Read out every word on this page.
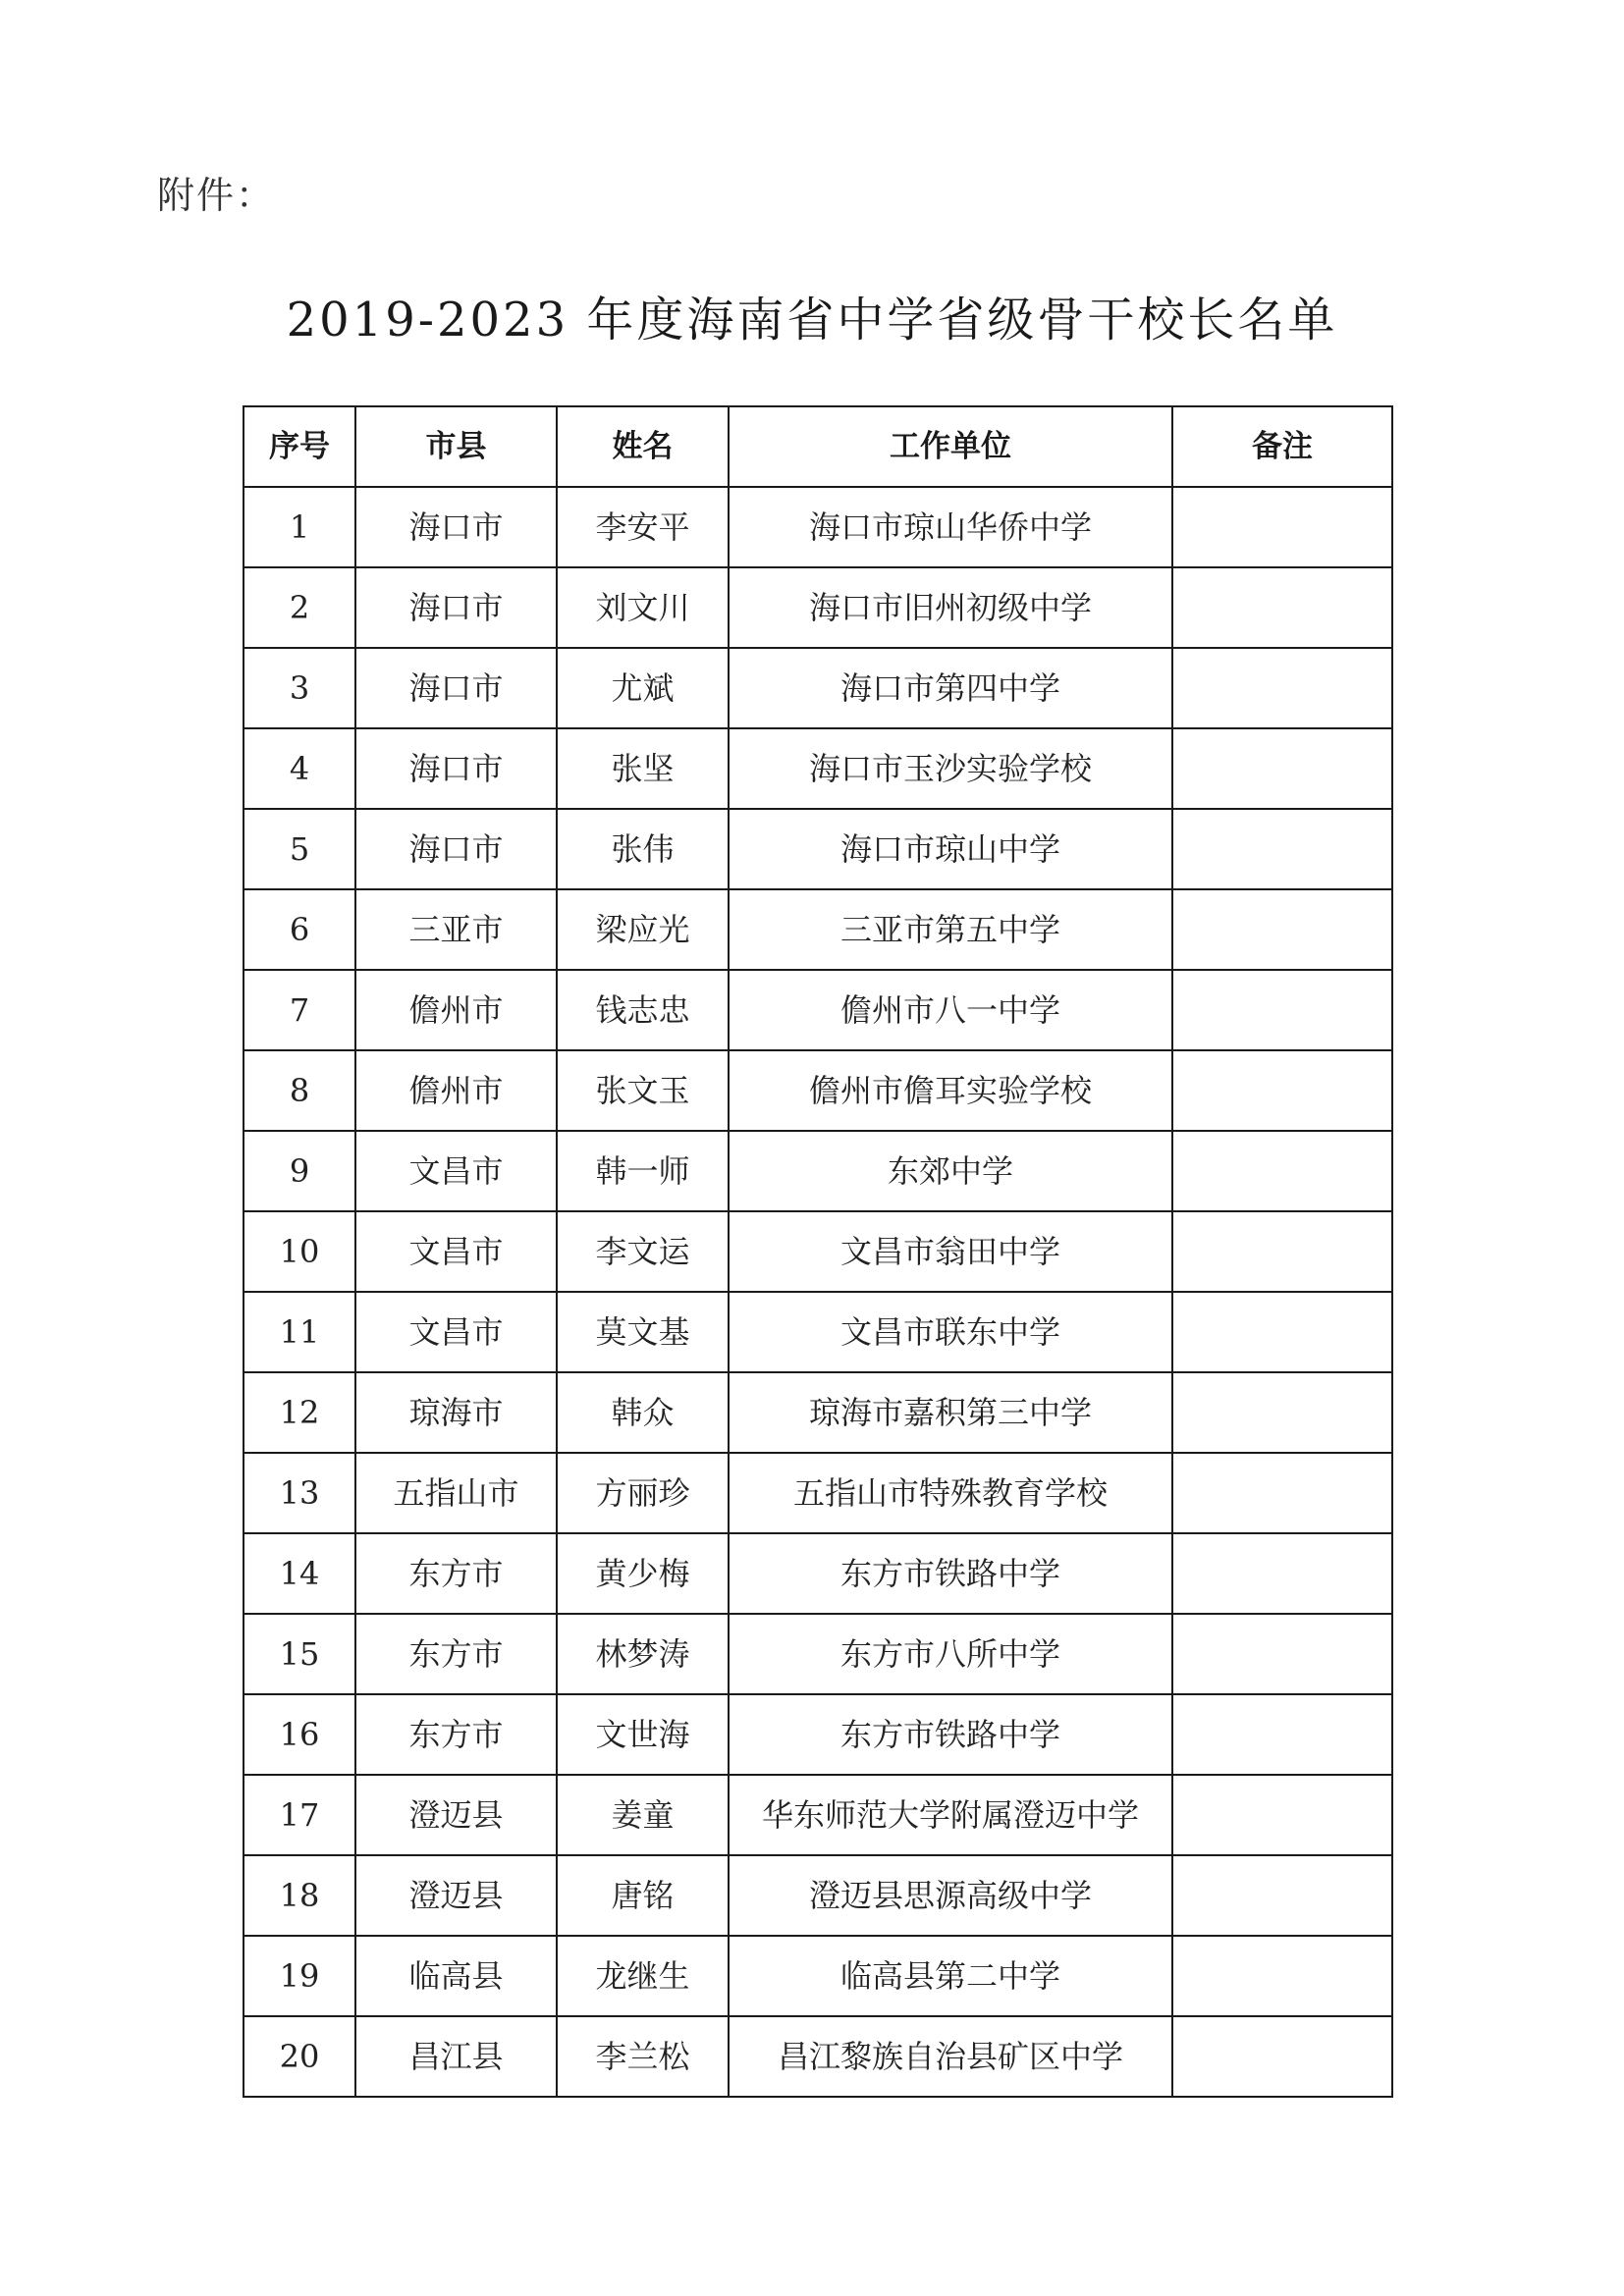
附件：
2019-2023 年度海南省中学省级骨干校长名单
序号	市县	姓名	工作单位	备注
1	海口市	李安平	海口市琼山华侨中学	
2	海口市	刘文川	海口市旧州初级中学	
3	海口市	尤斌	海口市第四中学	
4	海口市	张坚	海口市玉沙实验学校	
5	海口市	张伟	海口市琼山中学	
6	三亚市	梁应光	三亚市第五中学	
7	儋州市	钱志忠	儋州市八一中学	
8	儋州市	张文玉	儋州市儋耳实验学校	
9	文昌市	韩一师	东郊中学	
10	文昌市	李文运	文昌市翁田中学	
11	文昌市	莫文基	文昌市联东中学	
12	琼海市	韩众	琼海市嘉积第三中学	
13	五指山市	方丽珍	五指山市特殊教育学校	
14	东方市	黄少梅	东方市铁路中学	
15	东方市	林梦涛	东方市八所中学	
16	东方市	文世海	东方市铁路中学	
17	澄迈县	姜童	华东师范大学附属澄迈中学	
18	澄迈县	唐铭	澄迈县思源高级中学	
19	临高县	龙继生	临高县第二中学	
20	昌江县	李兰松	昌江黎族自治县矿区中学	
